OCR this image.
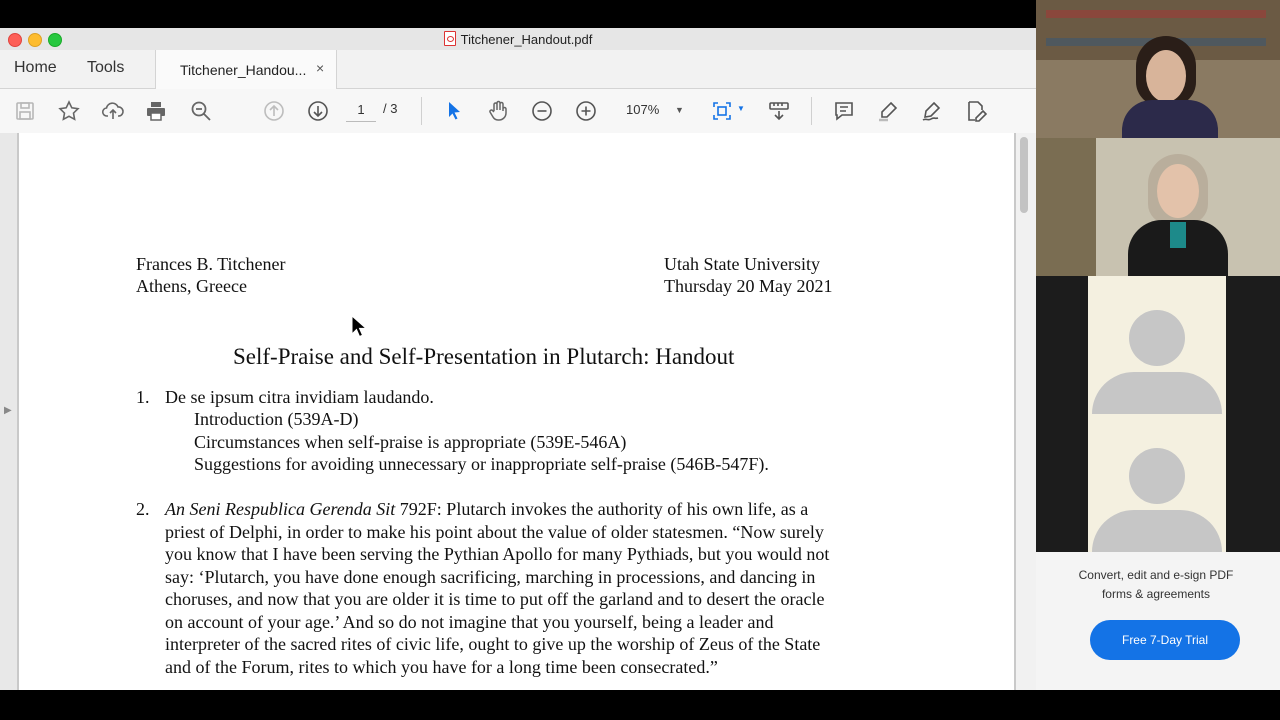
Titchener_Handout.pdf
Home Tools	Titchener_Handou... ×
1	/ 3	107% ▼	▼
▶
Frances B. Titchener
Athens, Greece
Utah State University
Thursday 20 May 2021
Self-Praise and Self-Presentation in Plutarch: Handout
1. De se ipsum citra invidiam laudando.
Introduction (539A-D)
Circumstances when self-praise is appropriate (539E-546A)
Suggestions for avoiding unnecessary or inappropriate self-praise (546B-547F).
2. An Seni Respublica Gerenda Sit 792F: Plutarch invokes the authority of his own life, as a
priest of Delphi, in order to make his point about the value of older statesmen. “Now surely
you know that I have been serving the Pythian Apollo for many Pythiads, but you would not
say: ‘Plutarch, you have done enough sacrificing, marching in processions, and dancing in
choruses, and now that you are older it is time to put off the garland and to desert the oracle
on account of your age.’ And so do not imagine that you yourself, being a leader and
interpreter of the sacred rites of civic life, ought to give up the worship of Zeus of the State
and of the Forum, rites to which you have for a long time been consecrated.”
Convert, edit and e-sign PDF
forms & agreements
Free 7-Day Trial
